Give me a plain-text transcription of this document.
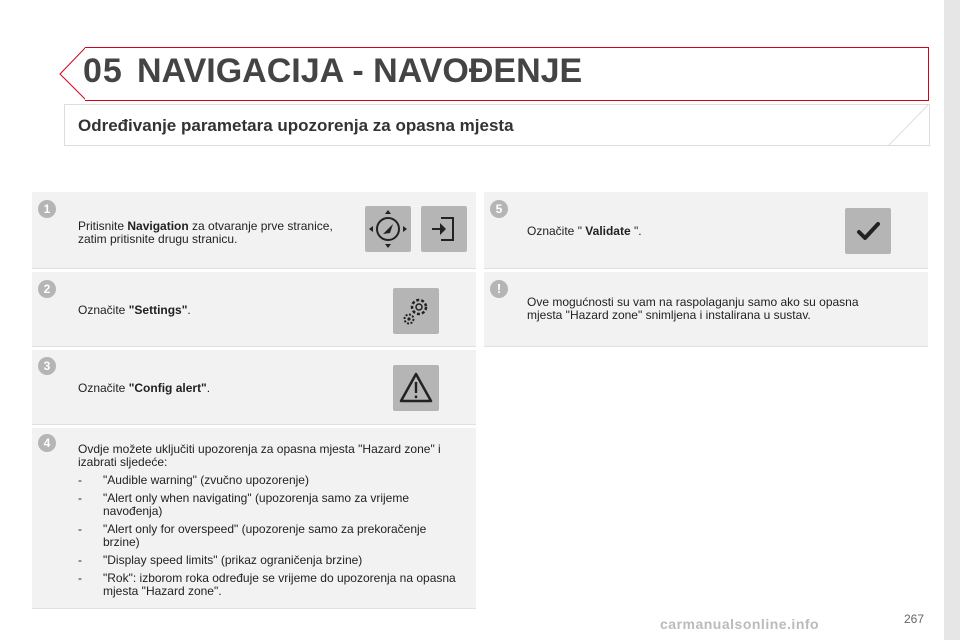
05 NAVIGACIJA - NAVOĐENJE
Određivanje parametara upozorenja za opasna mjesta
1
Pritisnite Navigation za otvaranje prve stranice, zatim pritisnite drugu stranicu.
2
Označite "Settings".
3
Označite "Config alert".
4	Ovdje možete uključiti upozorenja za opasna mjesta "Hazard zone" i izabrati sljedeće:
- "Audible warning" (zvučno upozorenje)
- "Alert only when navigating" (upozorenja samo za vrijeme navođenja)
- "Alert only for overspeed" (upozorenje samo za prekoračenje brzine)
- "Display speed limits" (prikaz ograničenja brzine)
- "Rok": izborom roka određuje se vrijeme do upozorenja na opasna mjesta "Hazard zone".
5
Označite " Validate ".
!
Ove mogućnosti su vam na raspolaganju samo ako su opasna mjesta "Hazard zone" snimljena i instalirana u sustav.
carmanualsonline.info	267
